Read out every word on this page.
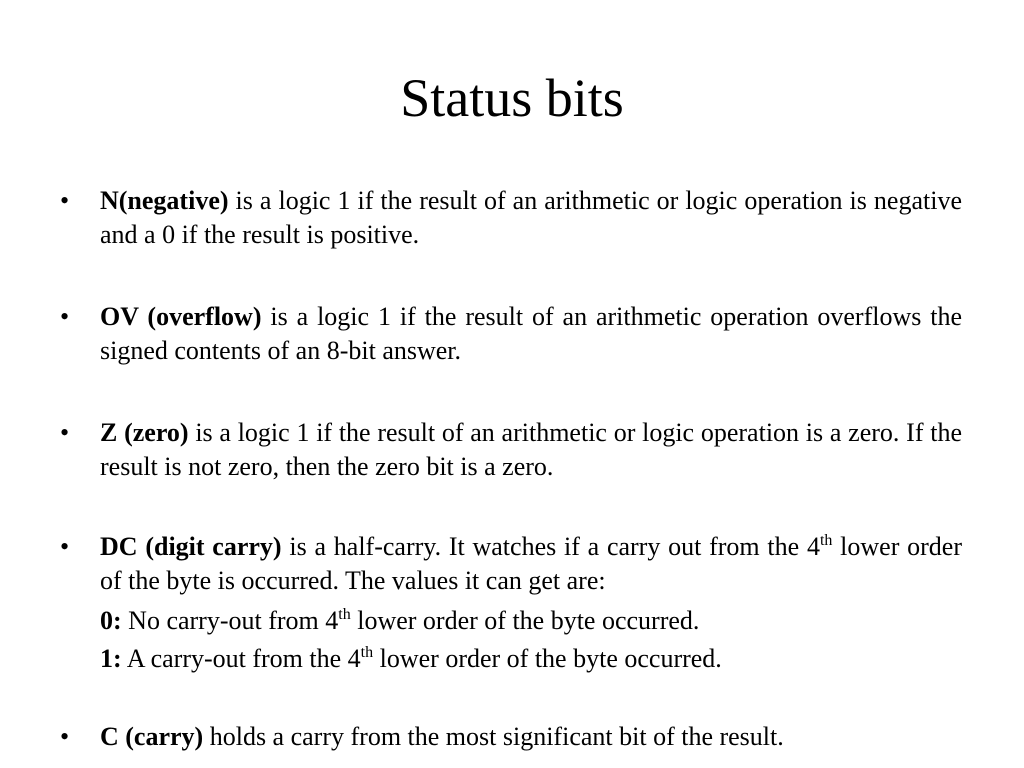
Status bits
•	N(negative) is a logic 1 if the result of an arithmetic or logic operation is negative and a 0 if the result is positive.
•	OV (overflow) is a logic 1 if the result of an arithmetic operation overflows the signed contents of an 8-bit answer.
•	Z (zero) is a logic 1 if the result of an arithmetic or logic operation is a zero. If the result is not zero, then the zero bit is a zero.
•	DC (digit carry) is a half-carry. It watches if a carry out from the 4th lower order of the byte is occurred. The values it can get are:
0: No carry-out from 4th lower order of the byte occurred.
1: A carry-out from the 4th lower order of the byte occurred.
•	C (carry) holds a carry from the most significant bit of the result.
